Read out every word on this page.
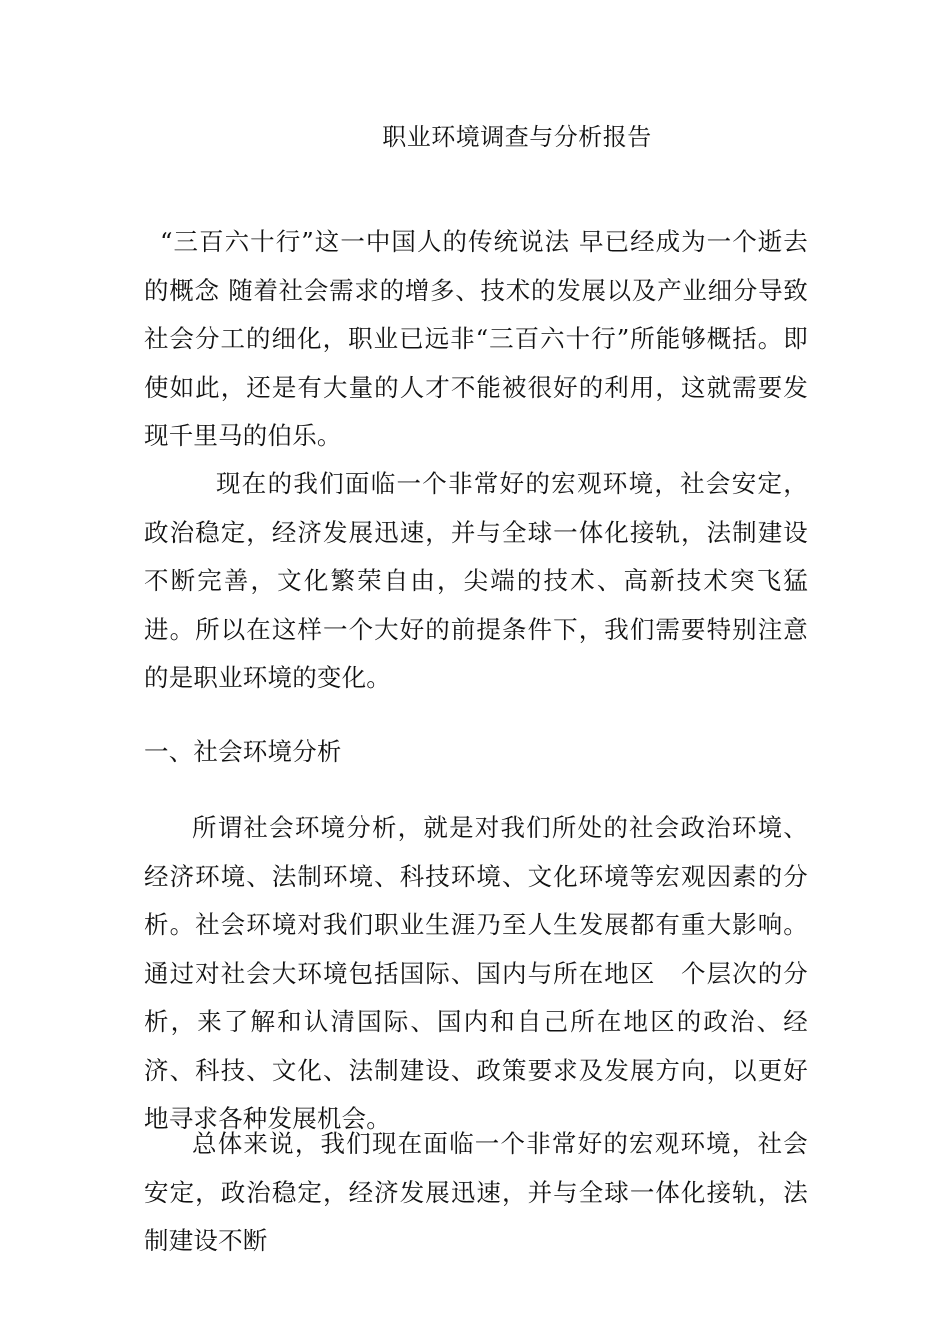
职业环境调查与分析报告
“三百六十行”这一中国人的传统说法 早已经成为一个逝去的概念 随着社会需求的增多、技术的发展以及产业细分导致社会分工的细化，职业已远非“三百六十行”所能够概括。即使如此，还是有大量的人才不能被很好的利用，这就需要发现千里马的伯乐。
现在的我们面临一个非常好的宏观环境，社会安定，政治稳定，经济发展迅速，并与全球一体化接轨，法制建设不断完善，文化繁荣自由，尖端的技术、高新技术突飞猛进。所以在这样一个大好的前提条件下，我们需要特别注意的是职业环境的变化。
一、社会环境分析
所谓社会环境分析，就是对我们所处的社会政治环境、经济环境、法制环境、科技环境、文化环境等宏观因素的分析。社会环境对我们职业生涯乃至人生发展都有重大影响。通过对社会大环境包括国际、国内与所在地区　个层次的分析，来了解和认清国际、国内和自己所在地区的政治、经济、科技、文化、法制建设、政策要求及发展方向，以更好地寻求各种发展机会。
总体来说，我们现在面临一个非常好的宏观环境，社会安定，政治稳定，经济发展迅速，并与全球一体化接轨，法制建设不断
